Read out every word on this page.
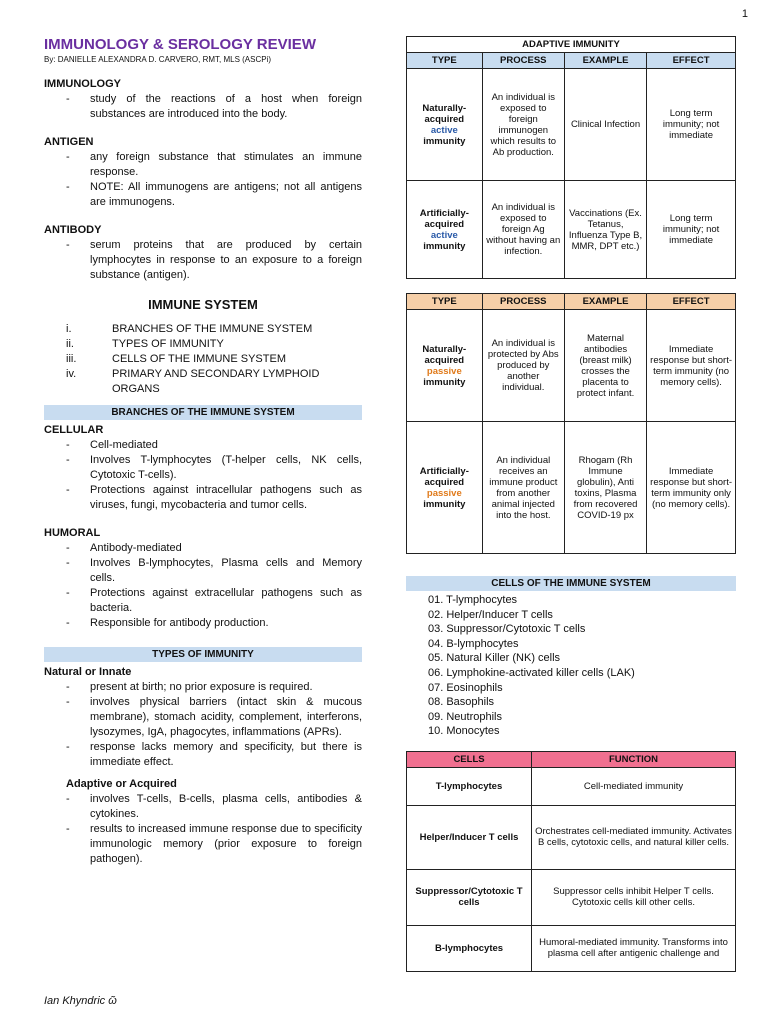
1
IMMUNOLOGY & SEROLOGY REVIEW
By: DANIELLE ALEXANDRA D. CARVERO, RMT, MLS (ASCPi)
IMMUNOLOGY
- study of the reactions of a host when foreign substances are introduced into the body.
ANTIGEN
- any foreign substance that stimulates an immune response.
- NOTE: All immunogens are antigens; not all antigens are immunogens.
ANTIBODY
- serum proteins that are produced by certain lymphocytes in response to an exposure to a foreign substance (antigen).
IMMUNE SYSTEM
i.	BRANCHES OF THE IMMUNE SYSTEM
ii.	TYPES OF IMMUNITY
iii.	CELLS OF THE IMMUNE SYSTEM
iv.	PRIMARY AND SECONDARY LYMPHOID ORGANS
BRANCHES OF THE IMMUNE SYSTEM
CELLULAR
- Cell-mediated
- Involves T-lymphocytes (T-helper cells, NK cells, Cytotoxic T-cells).
- Protections against intracellular pathogens such as viruses, fungi, mycobacteria and tumor cells.
HUMORAL
- Antibody-mediated
- Involves B-lymphocytes, Plasma cells and Memory cells.
- Protections against extracellular pathogens such as bacteria.
- Responsible for antibody production.
TYPES OF IMMUNITY
Natural or Innate
- present at birth; no prior exposure is required.
- involves physical barriers (intact skin & mucous membrane), stomach acidity, complement, interferons, lysozymes, IgA, phagocytes, inflammations (APRs).
- response lacks memory and specificity, but there is immediate effect.
Adaptive or Acquired
- involves T-cells, B-cells, plasma cells, antibodies & cytokines.
- results to increased immune response due to specificity immunologic memory (prior exposure to foreign pathogen).
ADAPTIVE IMMUNITY			
TYPE	PROCESS	EXAMPLE	EFFECT
Naturally-acquired
active
immunity	An individual is exposed to foreign immunogen which results to Ab production.	Clinical Infection	Long term immunity; not immediate
Artificially-acquired
active
immunity	An individual is exposed to foreign Ag without having an infection.	Vaccinations (Ex. Tetanus, Influenza Type B, MMR, DPT etc.)	Long term immunity; not immediate
TYPE	PROCESS	EXAMPLE	EFFECT
Naturally-acquired
passive
immunity	An individual is protected by Abs produced by another individual.	Maternal antibodies (breast milk) crosses the placenta to protect infant.	Immediate response but short-term immunity (no memory cells).
Artificially-acquired
passive
immunity	An individual receives an immune product from another animal injected into the host.	Rhogam (Rh Immune globulin), Anti toxins, Plasma from recovered COVID-19 px	Immediate response but short-term immunity only (no memory cells).
CELLS OF THE IMMUNE SYSTEM
01. T-lymphocytes
02. Helper/Inducer T cells
03. Suppressor/Cytotoxic T cells
04. B-lymphocytes
05. Natural Killer (NK) cells
06. Lymphokine-activated killer cells (LAK)
07. Eosinophils
08. Basophils
09. Neutrophils
10. Monocytes
CELLS	FUNCTION
T-lymphocytes	Cell-mediated immunity
Helper/Inducer T cells	Orchestrates cell-mediated immunity. Activates B cells, cytotoxic cells, and natural killer cells.
Suppressor/Cytotoxic T cells	Suppressor cells inhibit Helper T cells. Cytotoxic cells kill other cells.
B-lymphocytes	Humoral-mediated immunity. Transforms into plasma cell after antigenic challenge and
Ian Khyndric ῶ
